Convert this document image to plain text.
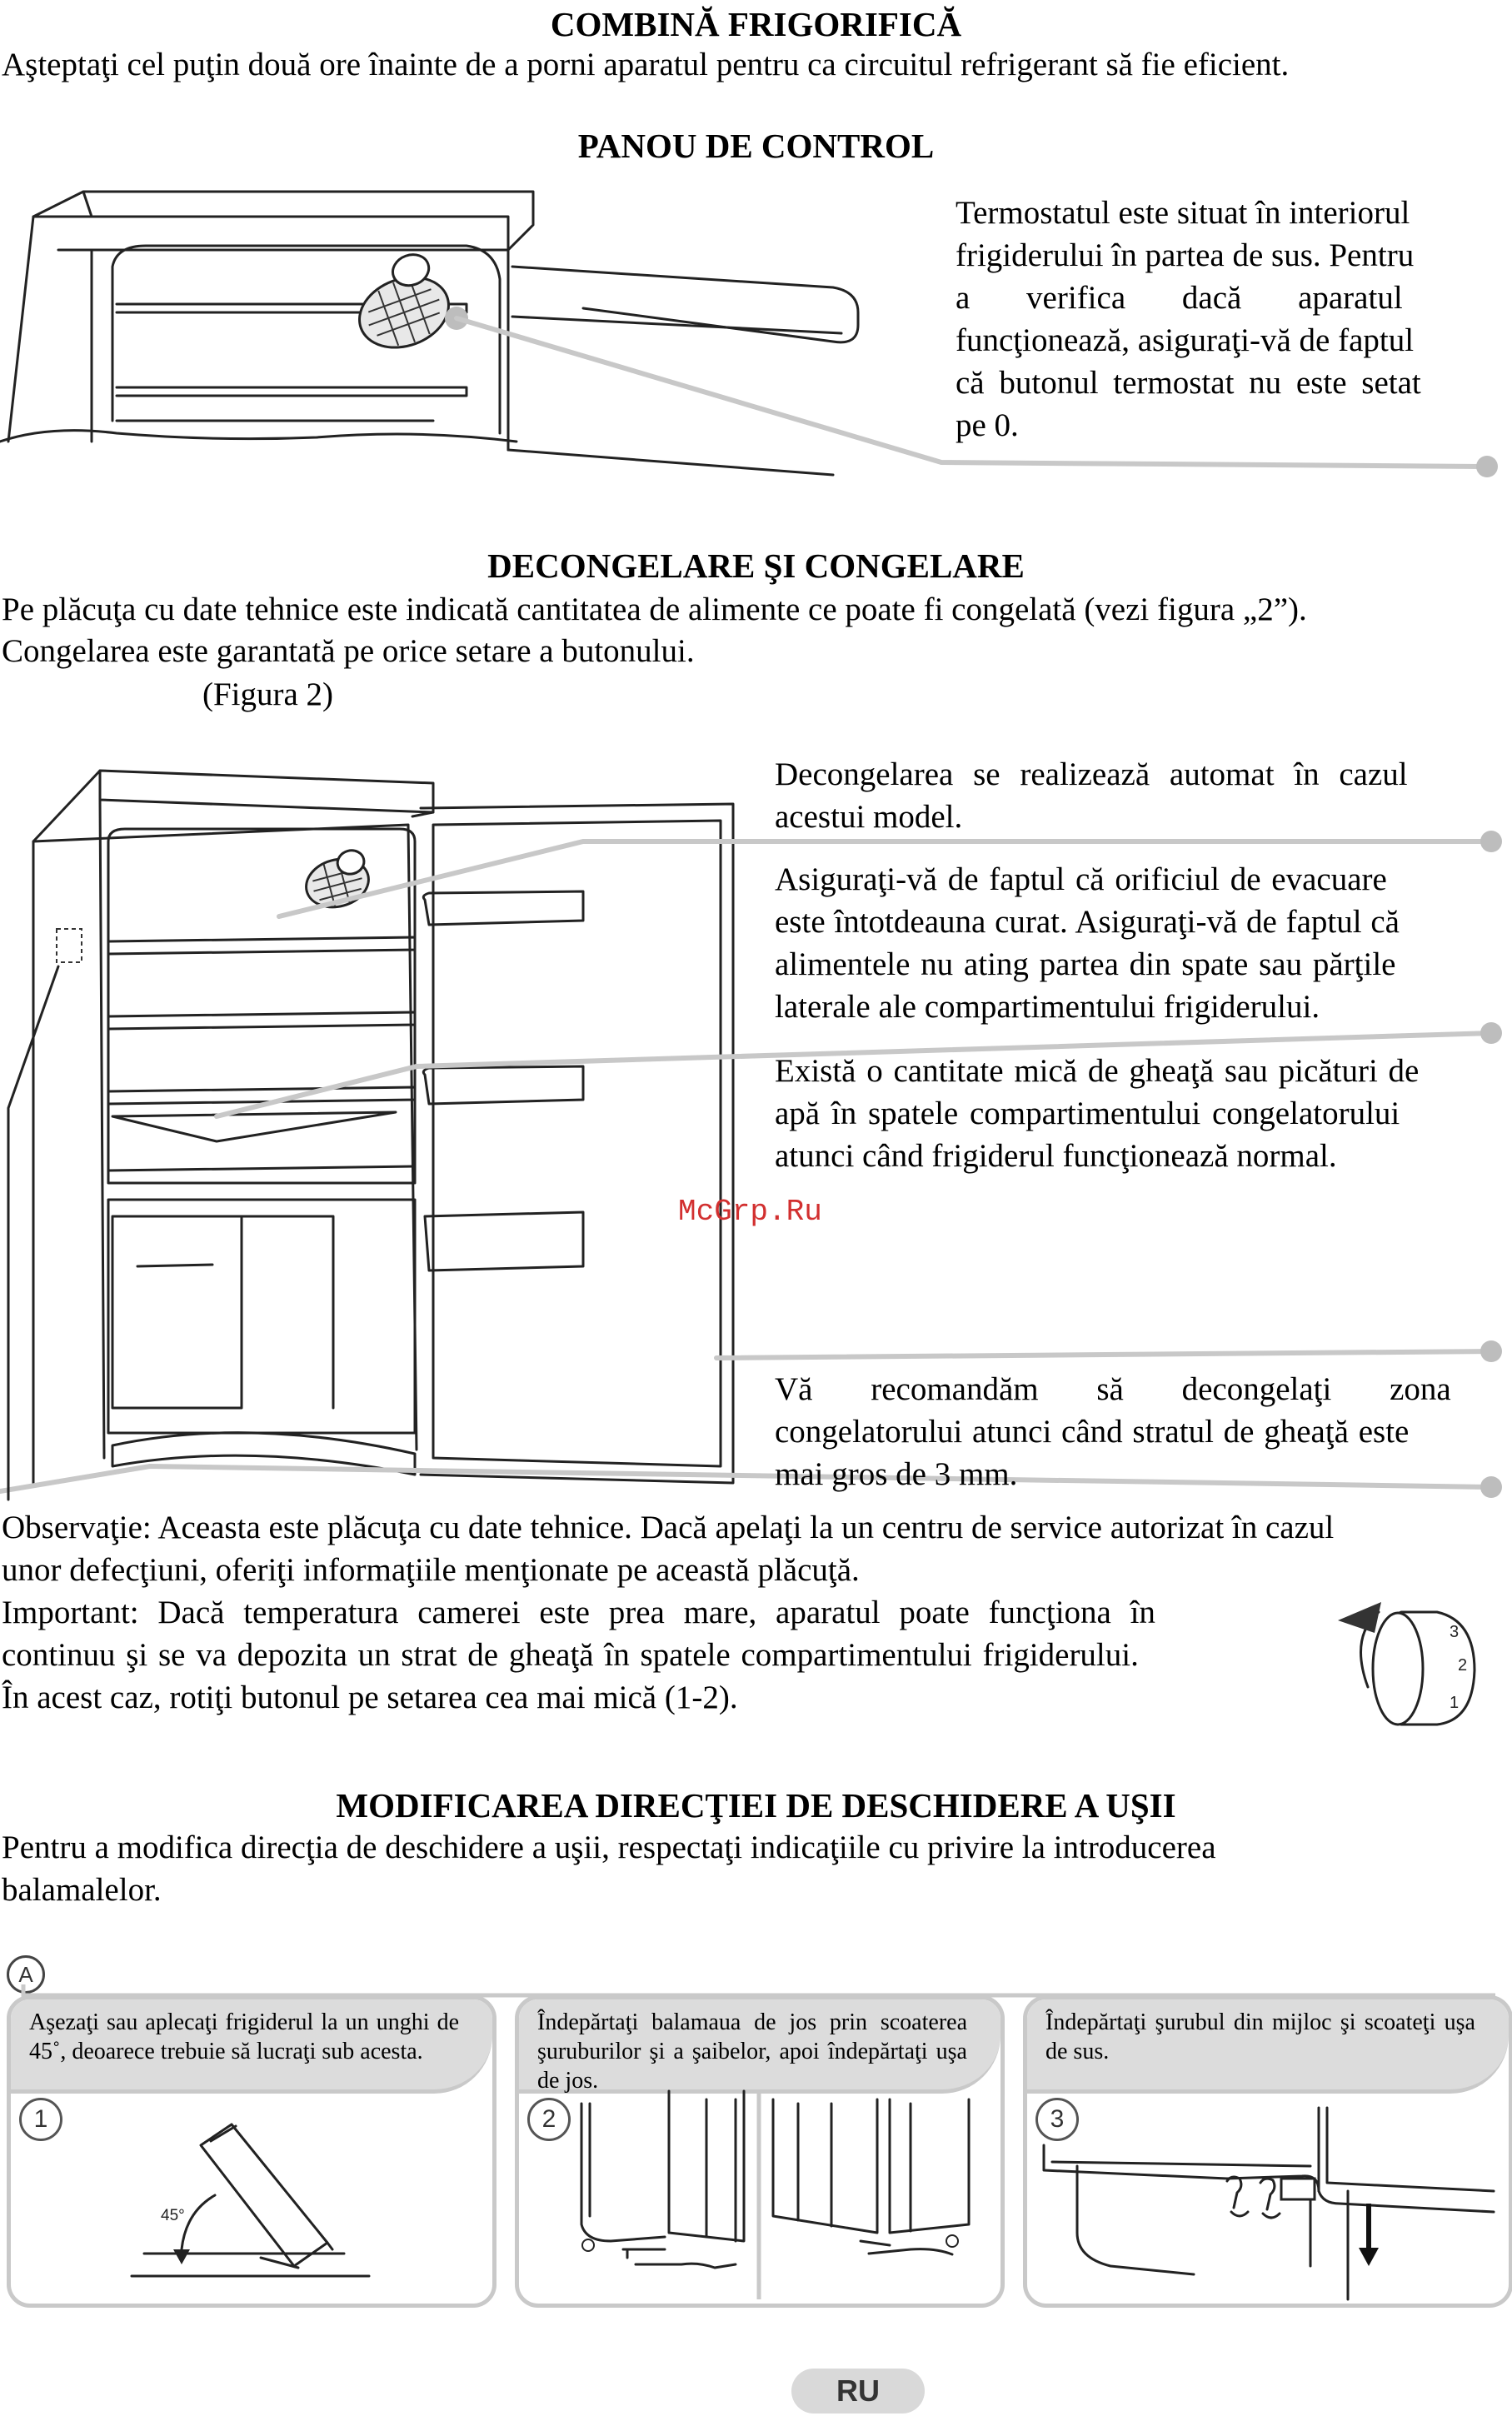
COMBINĂ FRIGORIFICĂ
Aşteptaţi cel puţin două ore înainte de a porni aparatul pentru ca circuitul refrigerant să fie eficient.
PANOU DE CONTROL
Termostatul este situat în interiorul
frigiderului în partea de sus. Pentru
a verifica dacă aparatul
funcţionează, asiguraţi-vă de faptul
că butonul termostat nu este setat
pe 0.
DECONGELARE ŞI CONGELARE
Pe plăcuţa cu date tehnice este indicată cantitatea de alimente ce poate fi congelată (vezi figura „2”).
Congelarea este garantată pe orice setare a butonului.
(Figura 2)
Decongelarea se realizează automat în cazul
acestui model.
Asiguraţi-vă de faptul că orificiul de evacuare
este întotdeauna curat. Asiguraţi-vă de faptul că
alimentele nu ating partea din spate sau părţile
laterale ale compartimentului frigiderului.
Există o cantitate mică de gheaţă sau picături de
apă în spatele compartimentului congelatorului
atunci când frigiderul funcţionează normal.
McGrp.Ru
Vă recomandăm să decongelaţi zona
congelatorului atunci când stratul de gheaţă este
mai gros de 3 mm.
Observaţie: Aceasta este plăcuţa cu date tehnice. Dacă apelaţi la un centru de service autorizat în cazul
unor defecţiuni, oferiţi informaţiile menţionate pe această plăcuţă.
Important: Dacă temperatura camerei este prea mare, aparatul poate funcţiona în
continuu şi se va depozita un strat de gheaţă în spatele compartimentului frigiderului.
În acest caz, rotiţi butonul pe setarea cea mai mică (1-2).
3
2
1
MODIFICAREA DIRECŢIEI DE DESCHIDERE A UŞII
Pentru a modifica direcţia de deschidere a uşii, respectaţi indicaţiile cu privire la introducerea
balamalelor.
A
Aşezaţi sau aplecaţi frigiderul la un unghi de 45˚, deoarece trebuie să lucraţi sub acesta.
1
45°
Îndepărtaţi balamaua de jos prin scoaterea şuruburilor şi a şaibelor, apoi îndepărtaţi uşa de jos.
2
Îndepărtaţi şurubul din mijloc şi scoateţi uşa de sus.
3
RU
